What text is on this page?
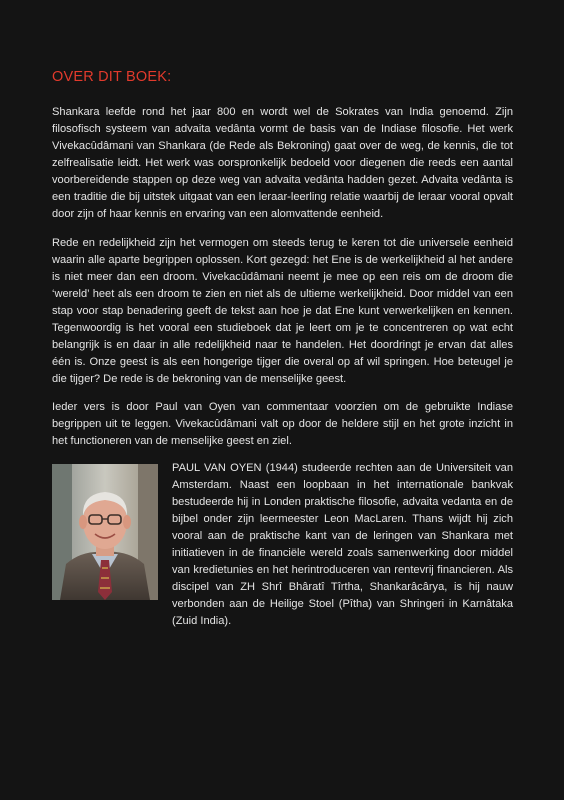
OVER DIT BOEK:

Shankara leefde rond het jaar 800 en wordt wel de Sokrates van India genoemd. Zijn filosofisch systeem van advaita vedânta vormt de basis van de Indiase filosofie. Het werk Vivekacûdâmani van Shankara (de Rede als Bekroning) gaat over de weg, de kennis, die tot zelfrealisatie leidt. Het werk was oorspronkelijk bedoeld voor diegenen die reeds een aantal voorbereidende stappen op deze weg van advaita vedânta hadden gezet. Advaita vedânta is een traditie die bij uitstek uitgaat van een leraar-leerling relatie waarbij de leraar vooral opvalt door zijn of haar kennis en ervaring van een alomvattende eenheid.

Rede en redelijkheid zijn het vermogen om steeds terug te keren tot die universele eenheid waarin alle aparte begrippen oplossen. Kort gezegd: het Ene is de werkelijkheid al het andere is niet meer dan een droom. Vivekacûdâmani neemt je mee op een reis om de droom die ‘wereld’ heet als een droom te zien en niet als de ultieme werkelijkheid. Door middel van een stap voor stap benadering geeft de tekst aan hoe je dat Ene kunt verwerkelijken en kennen. Tegenwoordig is het vooral een studieboek dat je leert om je te concentreren op wat echt belangrijk is en daar in alle redelijkheid naar te handelen. Het doordringt je ervan dat alles één is. Onze geest is als een hongerige tijger die overal op af wil springen. Hoe beteugel je die tijger? De rede is de bekroning van de menselijke geest.

Ieder vers is door Paul van Oyen van commentaar voorzien om de gebruikte Indiase begrippen uit te leggen. Vivekacûdâmani valt op door de heldere stijl en het grote inzicht in het functioneren van de menselijke geest en ziel.

PAUL VAN OYEN (1944) studeerde rechten aan de Universiteit van Amsterdam. Naast een loopbaan in het internationale bankvak bestudeerde hij in Londen praktische filosofie, advaita vedanta en de bijbel onder zijn leermeester Leon MacLaren. Thans wijdt hij zich vooral aan de praktische kant van de leringen van Shankara met initiatieven in de financiële wereld zoals samenwerking door middel van kredietunies en het herintroduceren van rentevrij financieren. Als discipel van ZH Shrî Bhâratî Tîrtha, Shankarâcârya, is hij nauw verbonden aan de Heilige Stoel (Pîtha) van Shringeri in Karnâtaka (Zuid India).
